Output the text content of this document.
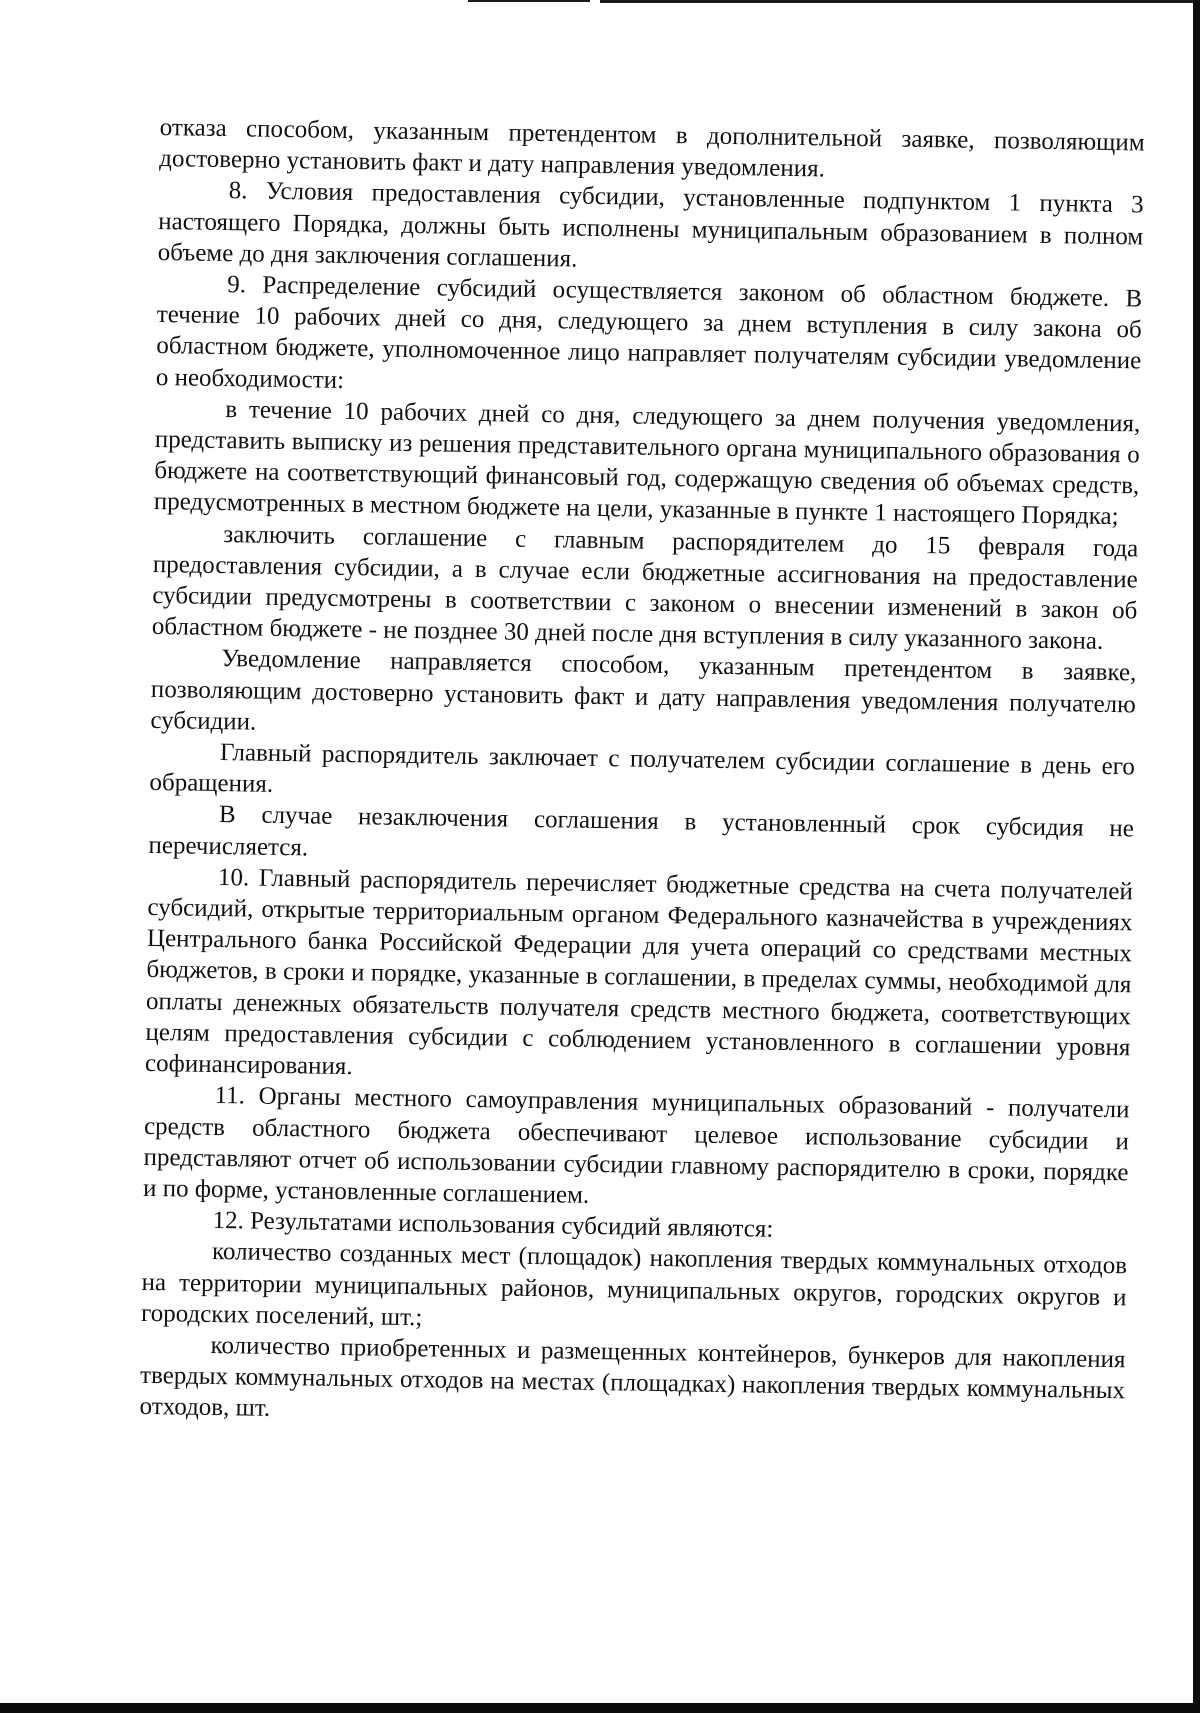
отказа способом, указанным претендентом в дополнительной заявке, позволяющим достоверно установить факт и дату направления уведомления.

8. Условия предоставления субсидии, установленные подпунктом 1 пункта 3 настоящего Порядка, должны быть исполнены муниципальным образованием в полном объеме до дня заключения соглашения.

9. Распределение субсидий осуществляется законом об областном бюджете. В течение 10 рабочих дней со дня, следующего за днем вступления в силу закона об областном бюджете, уполномоченное лицо направляет получателям субсидии уведомление о необходимости:

в течение 10 рабочих дней со дня, следующего за днем получения уведомления, представить выписку из решения представительного органа муниципального образования о бюджете на соответствующий финансовый год, содержащую сведения об объемах средств, предусмотренных в местном бюджете на цели, указанные в пункте 1 настоящего Порядка;

заключить соглашение с главным распорядителем до 15 февраля года предоставления субсидии, а в случае если бюджетные ассигнования на предоставление субсидии предусмотрены в соответствии с законом о внесении изменений в закон об областном бюджете - не позднее 30 дней после дня вступления в силу указанного закона.

Уведомление направляется способом, указанным претендентом в заявке, позволяющим достоверно установить факт и дату направления уведомления получателю субсидии.

Главный распорядитель заключает с получателем субсидии соглашение в день его обращения.

В случае незаключения соглашения в установленный срок субсидия не перечисляется.

10. Главный распорядитель перечисляет бюджетные средства на счета получателей субсидий, открытые территориальным органом Федерального казначейства в учреждениях Центрального банка Российской Федерации для учета операций со средствами местных бюджетов, в сроки и порядке, указанные в соглашении, в пределах суммы, необходимой для оплаты денежных обязательств получателя средств местного бюджета, соответствующих целям предоставления субсидии с соблюдением установленного в соглашении уровня софинансирования.

11. Органы местного самоуправления муниципальных образований - получатели средств областного бюджета обеспечивают целевое использование субсидии и представляют отчет об использовании субсидии главному распорядителю в сроки, порядке и по форме, установленные соглашением.

12. Результатами использования субсидий являются:

количество созданных мест (площадок) накопления твердых коммунальных отходов на территории муниципальных районов, муниципальных округов, городских округов и городских поселений, шт.;

количество приобретенных и размещенных контейнеров, бункеров для накопления твердых коммунальных отходов на местах (площадках) накопления твердых коммунальных отходов, шт.
